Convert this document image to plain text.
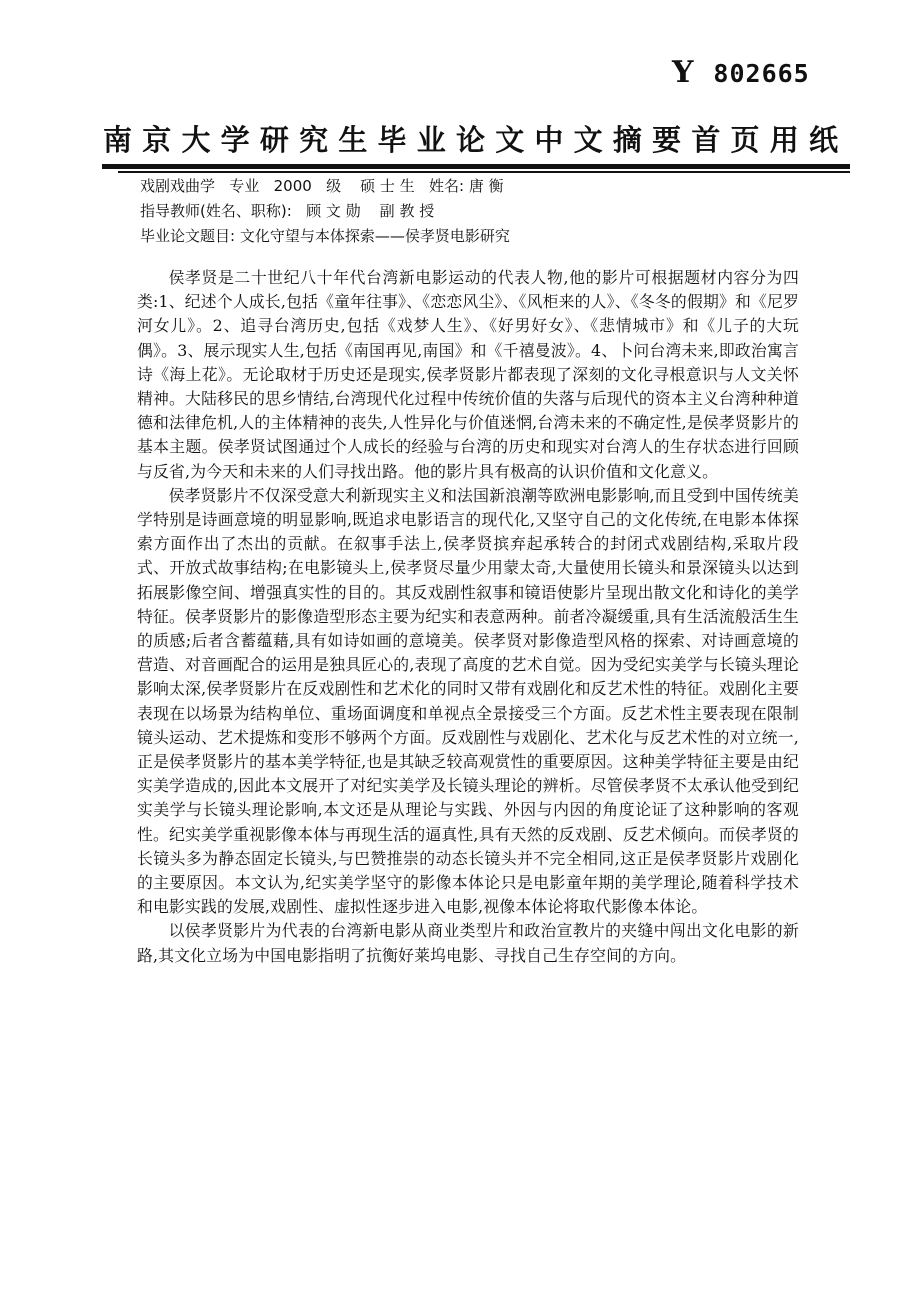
Y 802665
南京大学研究生毕业论文中文摘要首页用纸
戏剧戏曲学   专业   2000   级    硕 士 生   姓名: 唐 衡
指导教师(姓名、职称):   顾 文 勋    副 教 授
毕业论文题目: 文化守望与本体探索——侯孝贤电影研究

侯孝贤是二十世纪八十年代台湾新电影运动的代表人物,他的影片可根据题材内容分为四类:1、纪述个人成长,包括《童年往事》、《恋恋风尘》、《风柜来的人》、《冬冬的假期》和《尼罗河女儿》。2、追寻台湾历史,包括《戏梦人生》、《好男好女》、《悲情城市》和《儿子的大玩偶》。3、展示现实人生,包括《南国再见,南国》和《千禧曼波》。4、卜问台湾未来,即政治寓言诗《海上花》。无论取材于历史还是现实,侯孝贤影片都表现了深刻的文化寻根意识与人文关怀精神。大陆移民的思乡情结,台湾现代化过程中传统价值的失落与后现代的资本主义台湾种种道德和法律危机,人的主体精神的丧失,人性异化与价值迷惘,台湾未来的不确定性,是侯孝贤影片的基本主题。侯孝贤试图通过个人成长的经验与台湾的历史和现实对台湾人的生存状态进行回顾与反省,为今天和未来的人们寻找出路。他的影片具有极高的认识价值和文化意义。

侯孝贤影片不仅深受意大利新现实主义和法国新浪潮等欧洲电影影响,而且受到中国传统美学特别是诗画意境的明显影响,既追求电影语言的现代化,又坚守自己的文化传统,在电影本体探索方面作出了杰出的贡献。在叙事手法上,侯孝贤摈弃起承转合的封闭式戏剧结构,采取片段式、开放式故事结构;在电影镜头上,侯孝贤尽量少用蒙太奇,大量使用长镜头和景深镜头以达到拓展影像空间、增强真实性的目的。其反戏剧性叙事和镜语使影片呈现出散文化和诗化的美学特征。侯孝贤影片的影像造型形态主要为纪实和表意两种。前者冷凝缓重,具有生活流般活生生的质感;后者含蓄蕴藉,具有如诗如画的意境美。侯孝贤对影像造型风格的探索、对诗画意境的营造、对音画配合的运用是独具匠心的,表现了高度的艺术自觉。因为受纪实美学与长镜头理论影响太深,侯孝贤影片在反戏剧性和艺术化的同时又带有戏剧化和反艺术性的特征。戏剧化主要表现在以场景为结构单位、重场面调度和单视点全景接受三个方面。反艺术性主要表现在限制镜头运动、艺术提炼和变形不够两个方面。反戏剧性与戏剧化、艺术化与反艺术性的对立统一,正是侯孝贤影片的基本美学特征,也是其缺乏较高观赏性的重要原因。这种美学特征主要是由纪实美学造成的,因此本文展开了对纪实美学及长镜头理论的辨析。尽管侯孝贤不太承认他受到纪实美学与长镜头理论影响,本文还是从理论与实践、外因与内因的角度论证了这种影响的客观性。纪实美学重视影像本体与再现生活的逼真性,具有天然的反戏剧、反艺术倾向。而侯孝贤的长镜头多为静态固定长镜头,与巴赞推崇的动态长镜头并不完全相同,这正是侯孝贤影片戏剧化的主要原因。本文认为,纪实美学坚守的影像本体论只是电影童年期的美学理论,随着科学技术和电影实践的发展,戏剧性、虚拟性逐步进入电影,视像本体论将取代影像本体论。

以侯孝贤影片为代表的台湾新电影从商业类型片和政治宣教片的夹缝中闯出文化电影的新路,其文化立场为中国电影指明了抗衡好莱坞电影、寻找自己生存空间的方向。
